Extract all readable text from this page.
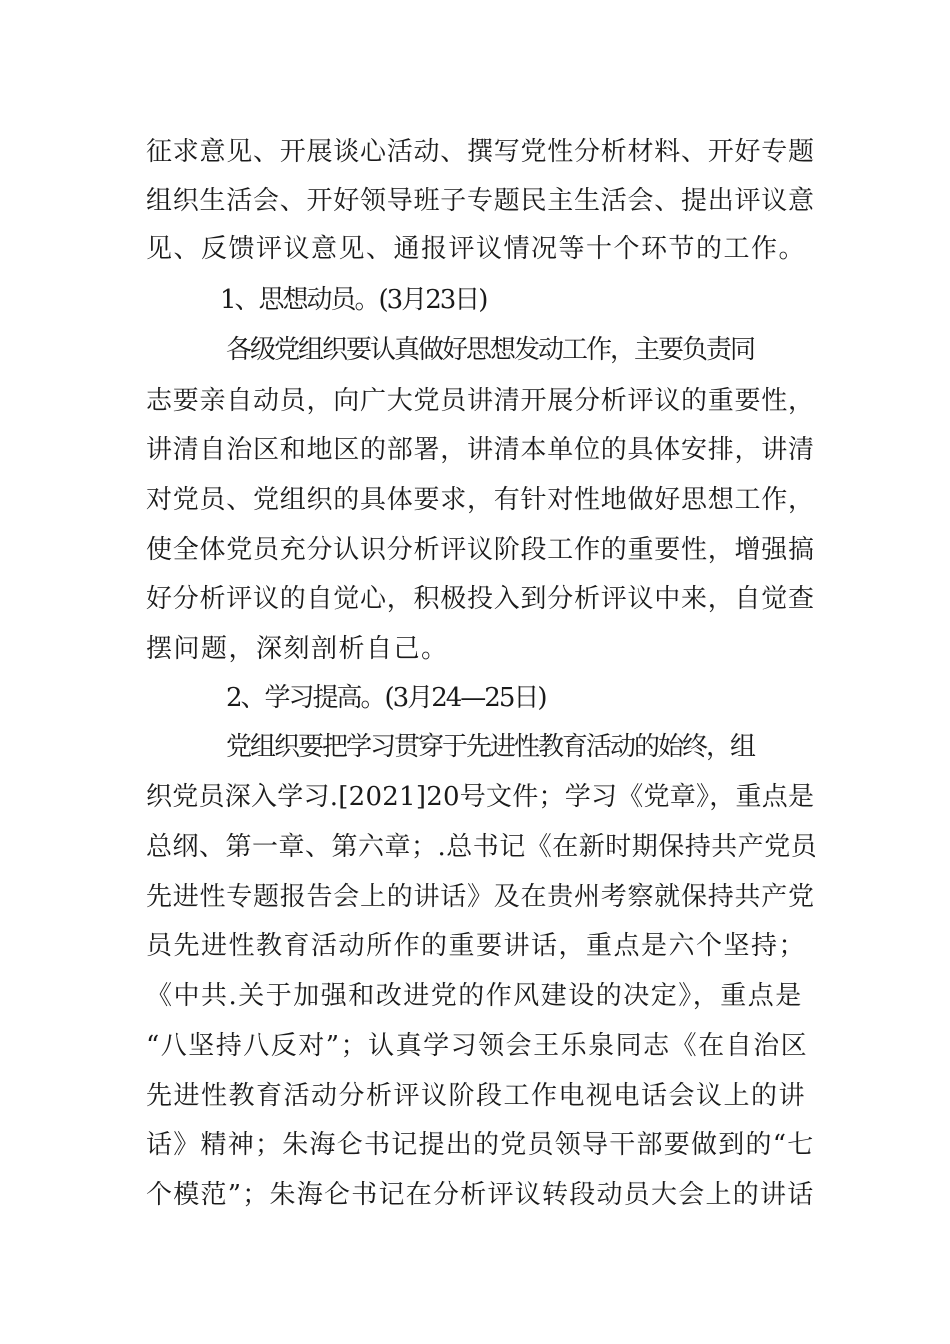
征求意见、开展谈心活动、撰写党性分析材料、开好专题
组织生活会、开好领导班子专题民主生活会、提出评议意
见、反馈评议意见、通报评议情况等十个环节的工作。
1、思想动员。(3月23日)
各级党组织要认真做好思想发动工作，主要负责同
志要亲自动员，向广大党员讲清开展分析评议的重要性，
讲清自治区和地区的部署，讲清本单位的具体安排，讲清
对党员、党组织的具体要求，有针对性地做好思想工作，
使全体党员充分认识分析评议阶段工作的重要性，增强搞
好分析评议的自觉心，积极投入到分析评议中来，自觉查
摆问题，深刻剖析自己。
2、学习提高。(3月24—25日)
党组织要把学习贯穿于先进性教育活动的始终，组
织党员深入学习.[2021]20号文件；学习《党章》，重点是
总纲、第一章、第六章；.总书记《在新时期保持共产党员
先进性专题报告会上的讲话》及在贵州考察就保持共产党
员先进性教育活动所作的重要讲话，重点是六个坚持；
《中共.关于加强和改进党的作风建设的决定》，重点是
“八坚持八反对”；认真学习领会王乐泉同志《在自治区
先进性教育活动分析评议阶段工作电视电话会议上的讲
话》精神；朱海仑书记提出的党员领导干部要做到的“七
个模范”；朱海仑书记在分析评议转段动员大会上的讲话
